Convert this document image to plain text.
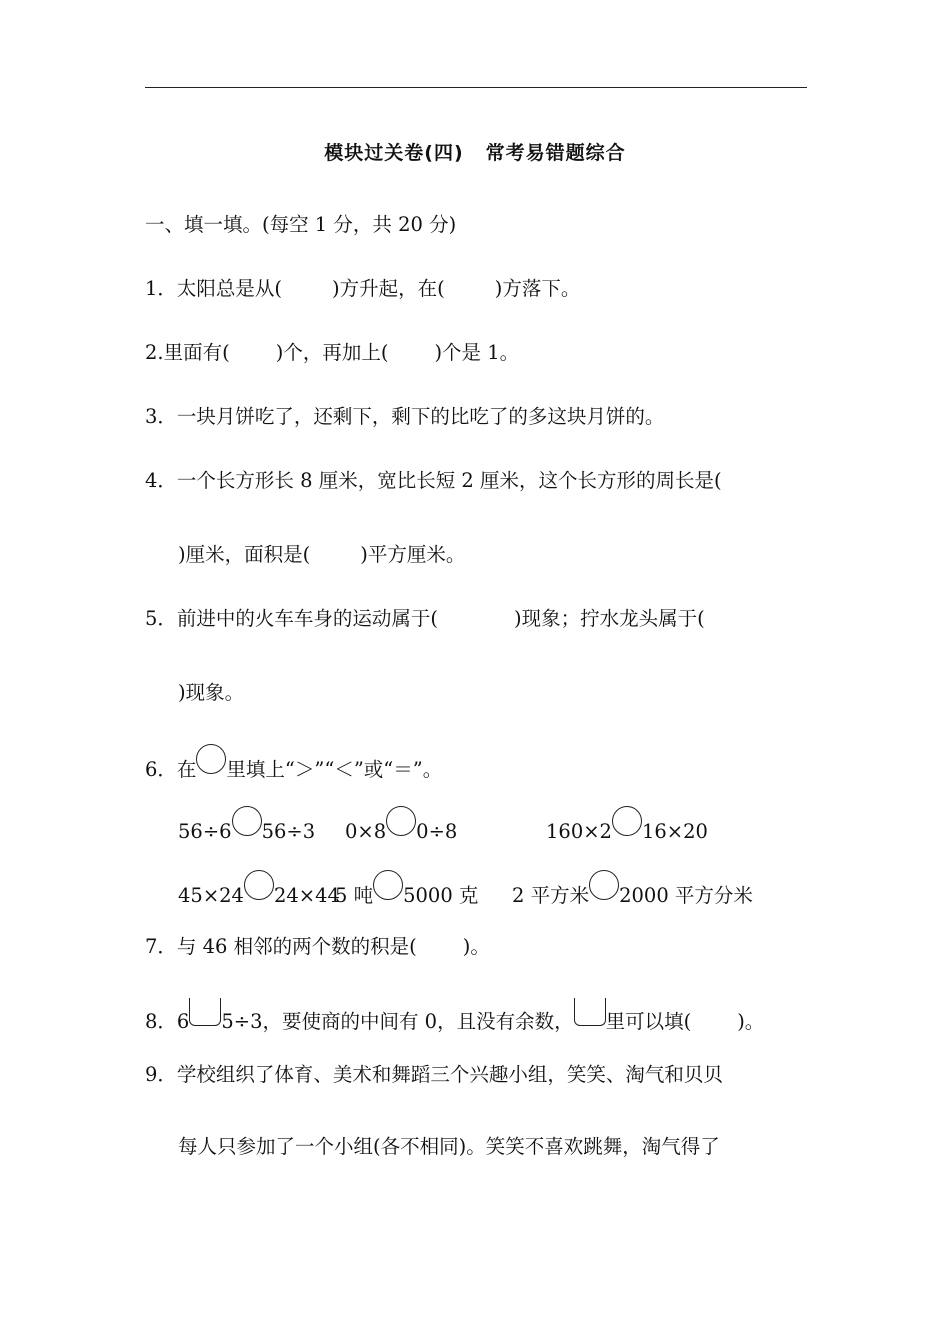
模块过关卷(四) 常考易错题综合
一、填一填。(每空 1 分，共 20 分)
1．太阳总是从(	)方升起，在(	)方落下。
2.里面有( )个，再加上( )个是 1。
3．一块月饼吃了，还剩下，剩下的比吃了的多这块月饼的。
4．一个长方形长 8 厘米，宽比长短 2 厘米，这个长方形的周长是(
)厘米，面积是(	)平方厘米。
5．前进中的火车车身的运动属于(	)现象；拧水龙头属于(
)现象。
6．在 里填上“＞”“＜”或“＝”。
56÷6 56÷3 0×8 0÷8	160×2 16×20
45×24 24×44
5 吨 5000 克 2 平方米 2000 平方分米
7．与 46 相邻的两个数的积是( )。
8．6 5÷3，要使商的中间有 0，且没有余数， 里可以填( )。
9．学校组织了体育、美术和舞蹈三个兴趣小组，笑笑、淘气和贝贝
每人只参加了一个小组(各不相同)。笑笑不喜欢跳舞，淘气得了
